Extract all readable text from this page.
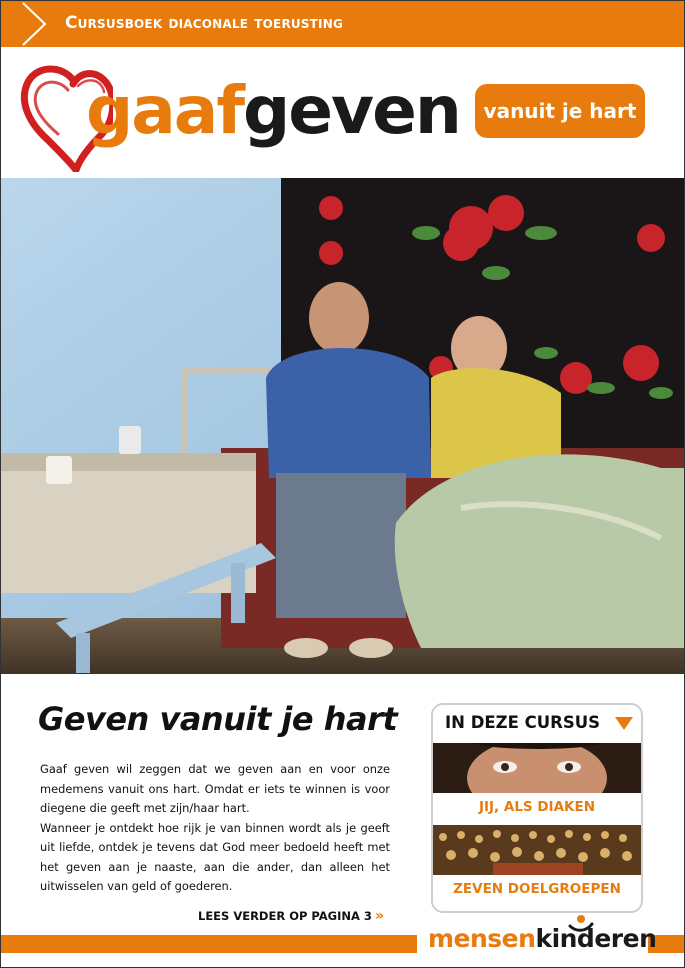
Cursusboek diaconale toerusting
gaafgeven	vanuit je hart
Geven vanuit je hart

Gaaf geven wil zeggen dat we geven aan en voor onze medemens vanuit ons hart. Omdat er iets te winnen is voor diegene die geeft met zijn/haar hart.

Wanneer je ontdekt hoe rijk je van binnen wordt als je geeft uit liefde, ontdek je tevens dat God meer bedoeld heeft met het geven aan je naaste, aan die ander, dan alleen het uitwisselen van geld of goederen.

LEES VERDER OP PAGINA 3 »
IN DEZE CURSUS
JIJ, ALS DIAKEN
ZEVEN DOELGROEPEN
mensenkinderen
